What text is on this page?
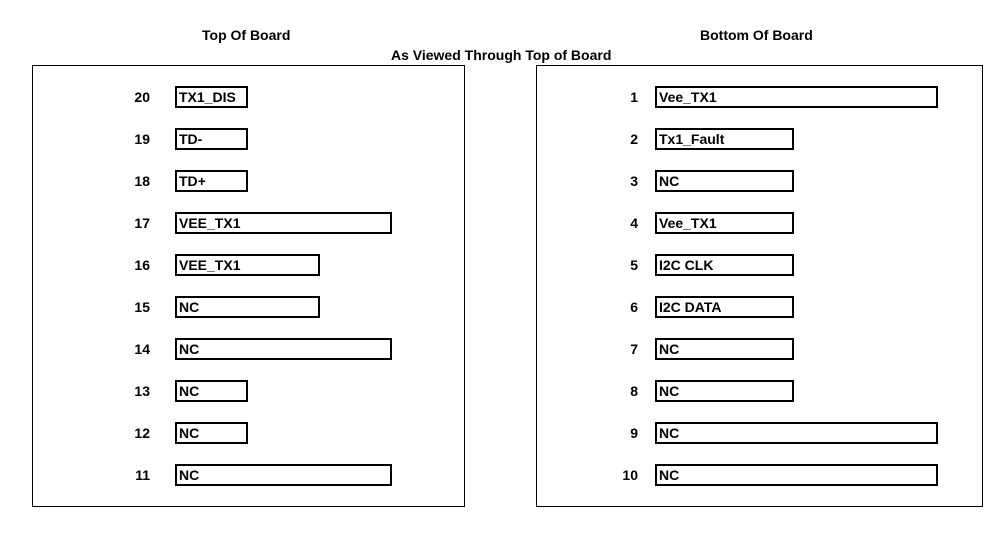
Top Of Board	Bottom Of Board
As Viewed Through Top of Board
20 TX1_DIS
19 TD-
18 TD+
17 VEE_TX1
16 VEE_TX1
15 NC
14 NC
13 NC
12 NC
11 NC
1 Vee_TX1
2 Tx1_Fault
3 NC
4 Vee_TX1
5 I2C CLK
6 I2C DATA
7 NC
8 NC
9 NC
10 NC
